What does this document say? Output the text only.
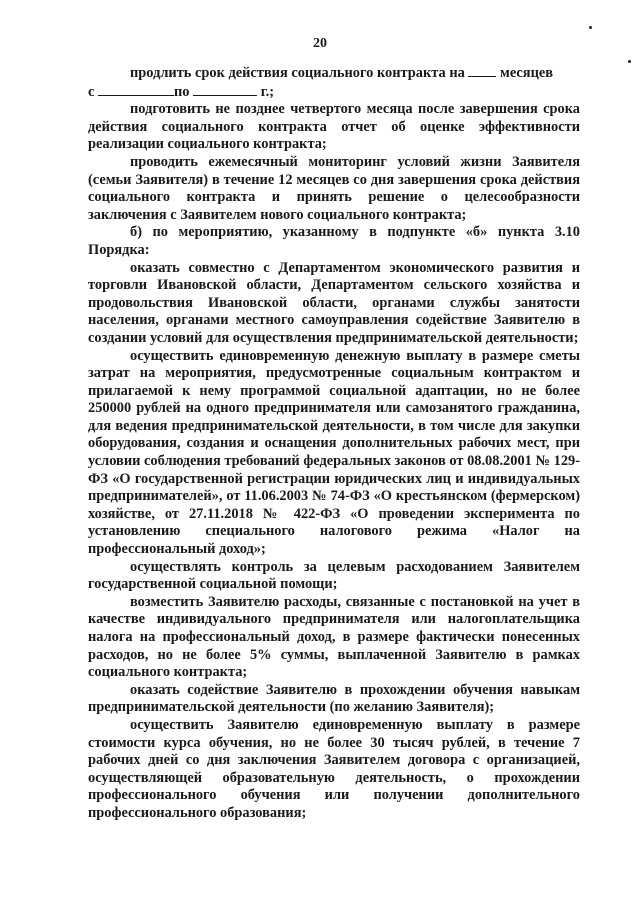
20

продлить срок действия социального контракта на месяцев
с	по	г.;

подготовить не позднее четвертого месяца после завершения срока действия социального контракта отчет об оценке эффективности реализации социального контракта;

проводить ежемесячный мониторинг условий жизни Заявителя (семьи Заявителя) в течение 12 месяцев со дня завершения срока действия социального контракта и принять решение о целесообразности заключения с Заявителем нового социального контракта;

б) по мероприятию, указанному в подпункте «б» пункта 3.10 Порядка:

оказать совместно с Департаментом экономического развития и торговли Ивановской области, Департаментом сельского хозяйства и продовольствия Ивановской области, органами службы занятости населения, органами местного самоуправления содействие Заявителю в создании условий для осуществления предпринимательской деятельности;

осуществить единовременную денежную выплату в размере сметы затрат на мероприятия, предусмотренные социальным контрактом и прилагаемой к нему программой социальной адаптации, но не более 250000 рублей на одного предпринимателя или самозанятого гражданина, для ведения предпринимательской деятельности, в том числе для закупки оборудования, создания и оснащения дополнительных рабочих мест, при условии соблюдения требований федеральных законов от 08.08.2001 № 129-ФЗ «О государственной регистрации юридических лиц и индивидуальных предпринимателей», от 11.06.2003 № 74-ФЗ «О крестьянском (фермерском) хозяйстве, от 27.11.2018 № 422-ФЗ «О проведении эксперимента по установлению специального налогового режима «Налог на профессиональный доход»;

осуществлять контроль за целевым расходованием Заявителем государственной социальной помощи;

возместить Заявителю расходы, связанные с постановкой на учет в качестве индивидуального предпринимателя или налогоплательщика налога на профессиональный доход, в размере фактически понесенных расходов, но не более 5% суммы, выплаченной Заявителю в рамках социального контракта;

оказать содействие Заявителю в прохождении обучения навыкам предпринимательской деятельности (по желанию Заявителя);

осуществить Заявителю единовременную выплату в размере стоимости курса обучения, но не более 30 тысяч рублей, в течение 7 рабочих дней со дня заключения Заявителем договора с организацией, осуществляющей образовательную деятельность, о прохождении профессионального обучения или получении дополнительного профессионального образования;
